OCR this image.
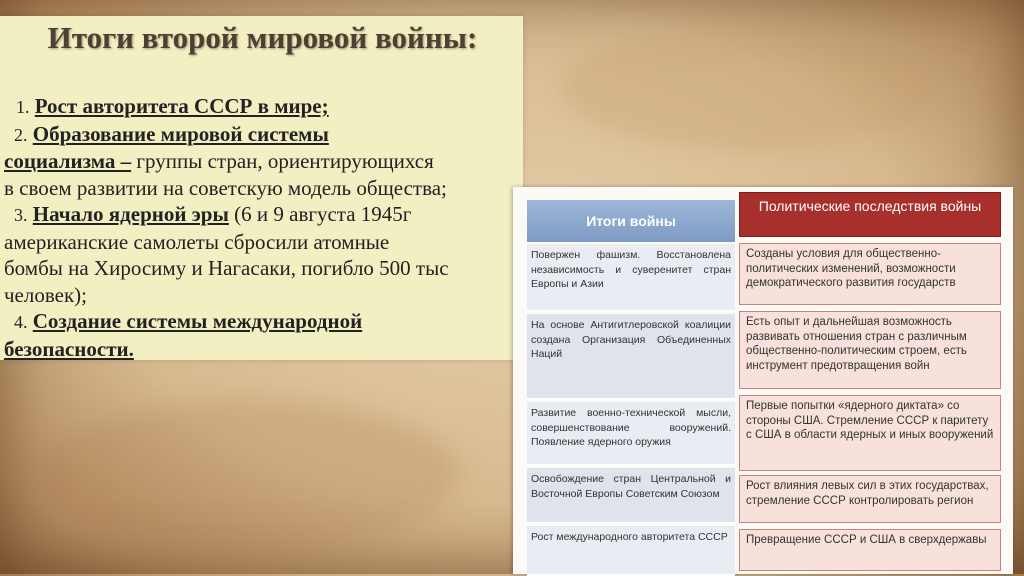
Итоги второй мировой войны:
1. Рост авторитета СССР в мире;
2. Образование мировой системы
социализма – группы стран, ориентирующихся
в своем развитии на советскую модель общества;
3. Начало ядерной эры (6 и 9 августа 1945г
американские самолеты сбросили атомные
бомбы на Хиросиму и Нагасаки, погибло 500 тыс
человек);
4. Создание системы международной
безопасности.
Итоги войны
Повержен фашизм. Восстановлена независимость и суверенитет стран Европы и Азии
На основе Антигитлеровской коалиции создана Организация Объединенных Наций
Развитие военно-технической мысли, совершенствование вооружений. Появление ядерного оружия
Освобождение стран Центральной и Восточной Европы Советским Союзом
Рост международного авторитета СССР
Политические последствия войны
Созданы условия для общественно-политических изменений, возможности демократического развития государств
Есть опыт и дальнейшая возможность развивать отношения стран с различным общественно-политическим строем, есть инструмент предотвращения войн
Первые попытки «ядерного диктата» со стороны США. Стремление СССР к паритету с США в области ядерных и иных вооружений
Рост влияния левых сил в этих государствах, стремление СССР контролировать регион
Превращение СССР и США в сверхдержавы
